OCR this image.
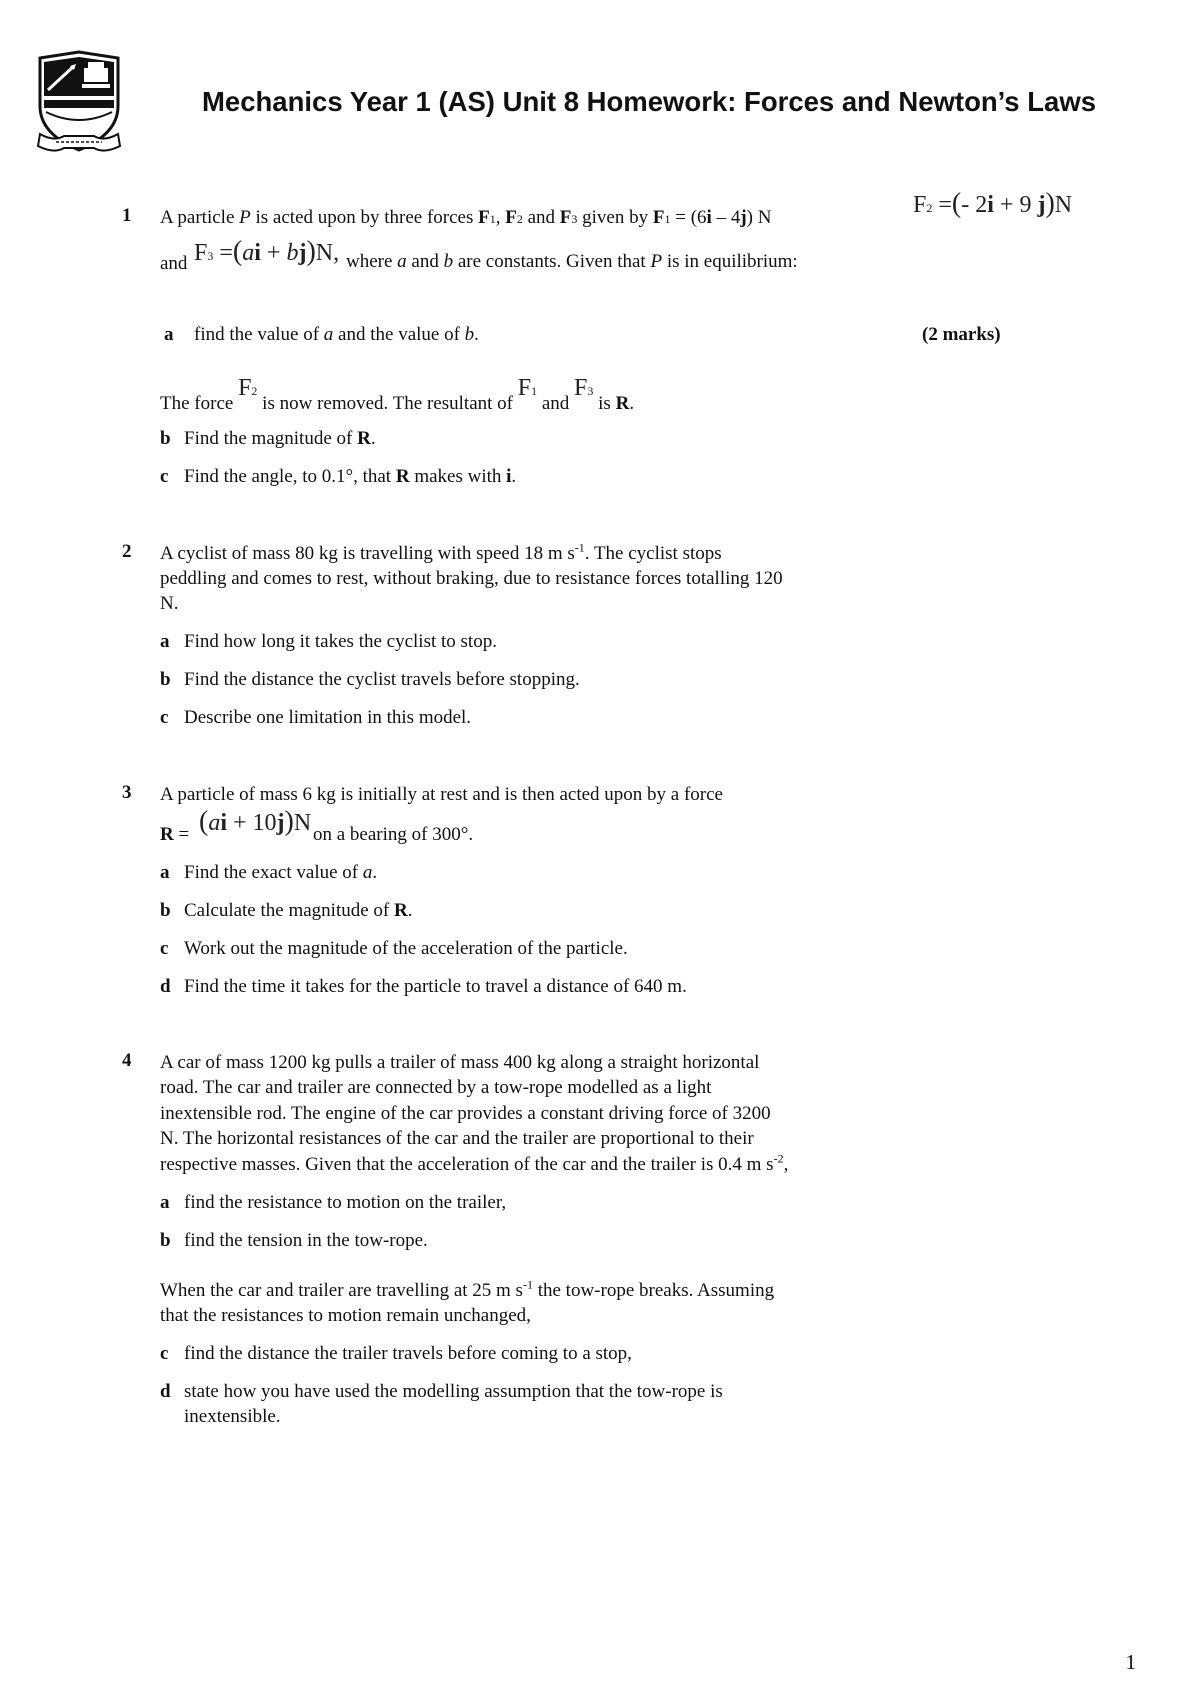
Mechanics Year 1 (AS) Unit 8 Homework: Forces and Newton’s Laws
1 A particle P is acted upon by three forces F1, F2 and F3 given by F1 = (6i – 4j) N	F2 =(- 2i + 9 j)N
and F3 =(ai + bj)N, where a and b are constants. Given that P is in equilibrium:
a find the value of a and the value of b.	(2 marks)
The force F2 is now removed. The resultant of F1 and F3 is R.
b Find the magnitude of R.
c Find the angle, to 0.1°, that R makes with i.
2 A cyclist of mass 80 kg is travelling with speed 18 m $s^{-1}$. The cyclist stops
peddling and comes to rest, without braking, due to resistance forces totalling 120
N.
a Find how long it takes the cyclist to stop.
b Find the distance the cyclist travels before stopping.
c Describe one limitation in this model.
3 A particle of mass 6 kg is initially at rest and is then acted upon by a force
R = (ai + 10j)N on a bearing of 300°.
a Find the exact value of a.
b Calculate the magnitude of R.
c Work out the magnitude of the acceleration of the particle.
d Find the time it takes for the particle to travel a distance of 640 m.
4 A car of mass 1200 kg pulls a trailer of mass 400 kg along a straight horizontal
road. The car and trailer are connected by a tow-rope modelled as a light
inextensible rod. The engine of the car provides a constant driving force of 3200
N. The horizontal resistances of the car and the trailer are proportional to their
respective masses. Given that the acceleration of the car and the trailer is 0.4 m $s^{-2}$,
a find the resistance to motion on the trailer,
b find the tension in the tow-rope.
When the car and trailer are travelling at 25 m $s^{-1}$ the tow-rope breaks. Assuming
that the resistances to motion remain unchanged,
c find the distance the trailer travels before coming to a stop,
d state how you have used the modelling assumption that the tow-rope is
inextensible.
1
